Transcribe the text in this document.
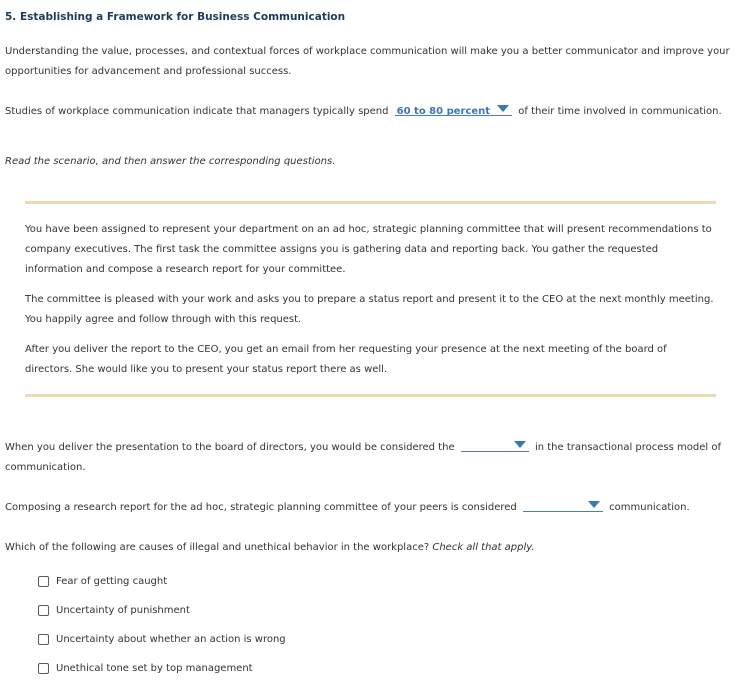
5. Establishing a Framework for Business Communication
Understanding the value, processes, and contextual forces of workplace communication will make you a better communicator and improve your opportunities for advancement and professional success.
Studies of workplace communication indicate that managers typically spend 60 to 80 percent	of their time involved in communication.
Read the scenario, and then answer the corresponding questions.

You have been assigned to represent your department on an ad hoc, strategic planning committee that will present recommendations to company executives. The first task the committee assigns you is gathering data and reporting back. You gather the requested information and compose a research report for your committee.

The committee is pleased with your work and asks you to prepare a status report and present it to the CEO at the next monthly meeting. You happily agree and follow through with this request.

After you deliver the report to the CEO, you get an email from her requesting your presence at the next meeting of the board of directors. She would like you to present your status report there as well.

When you deliver the presentation to the board of directors, you would be considered the	in the transactional process model of communication.
Composing a research report for the ad hoc, strategic planning committee of your peers is considered	communication.
Which of the following are causes of illegal and unethical behavior in the workplace? Check all that apply.
Fear of getting caught
Uncertainty of punishment
Uncertainty about whether an action is wrong
Unethical tone set by top management
